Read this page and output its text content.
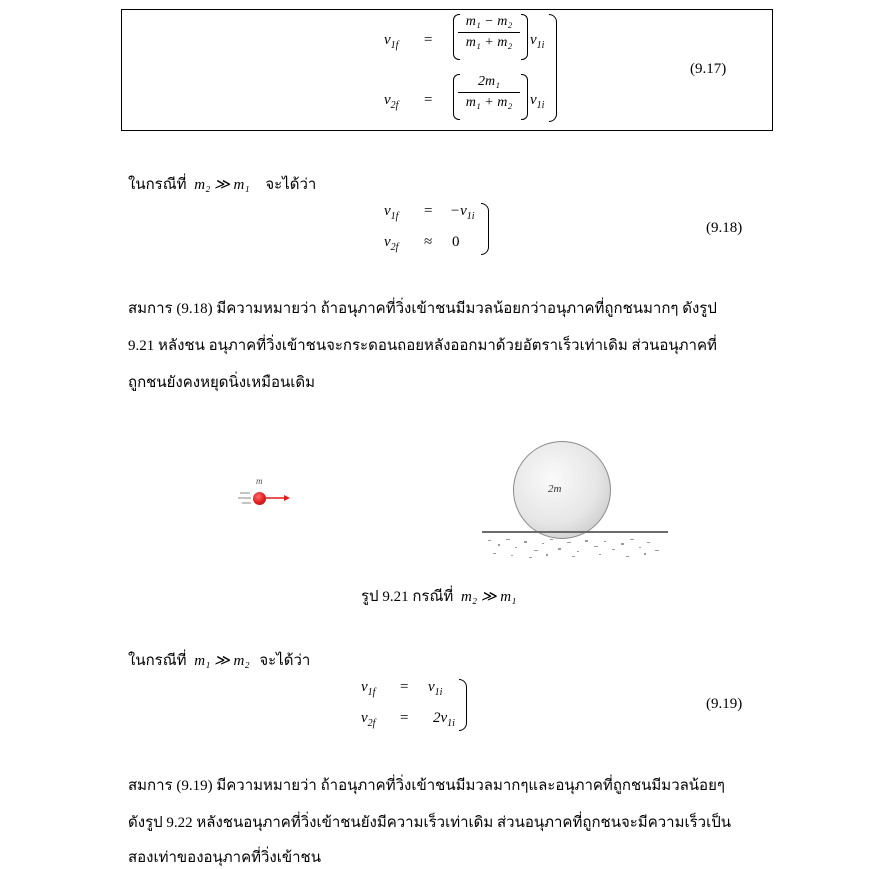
$v_{1f} = \frac{\text{m₁ − m₂}}{\text{m₁ + m₂}} v_{1i}$
$v_{2f} = \frac{\text{2m₁}}{\text{m₁ + m₂}} v_{1i}$
(9.17)
ในกรณีที่ m₂ ≫ m₁ จะได้ว่า
$v_{1f} = -v_{1i}$
$v_{2f} \approx 0$
(9.18)
สมการ (9.18) มีความหมายว่า ถ้าอนุภาคที่วิ่งเข้าชนมีมวลน้อยกว่าอนุภาคที่ถูกชนมากๆ ดังรูป
9.21 หลังชน อนุภาคที่วิ่งเข้าชนจะกระดอนถอยหลังออกมาด้วยอัตราเร็วเท่าเดิม ส่วนอนุภาคที่
ถูกชนยังคงหยุดนิ่งเหมือนเดิม
m
2m
รูป 9.21 กรณีที่ m₂ ≫ m₁
ในกรณีที่ m₁ ≫ m₂ จะได้ว่า
$v_{1f} = v_{1i}$
$v_{2f} = 2v_{1i}$
(9.19)
สมการ (9.19) มีความหมายว่า ถ้าอนุภาคที่วิ่งเข้าชนมีมวลมากๆและอนุภาคที่ถูกชนมีมวลน้อยๆ
ดังรูป 9.22 หลังชนอนุภาคที่วิ่งเข้าชนยังมีความเร็วเท่าเดิม ส่วนอนุภาคที่ถูกชนจะมีความเร็วเป็น
สองเท่าของอนุภาคที่วิ่งเข้าชน
